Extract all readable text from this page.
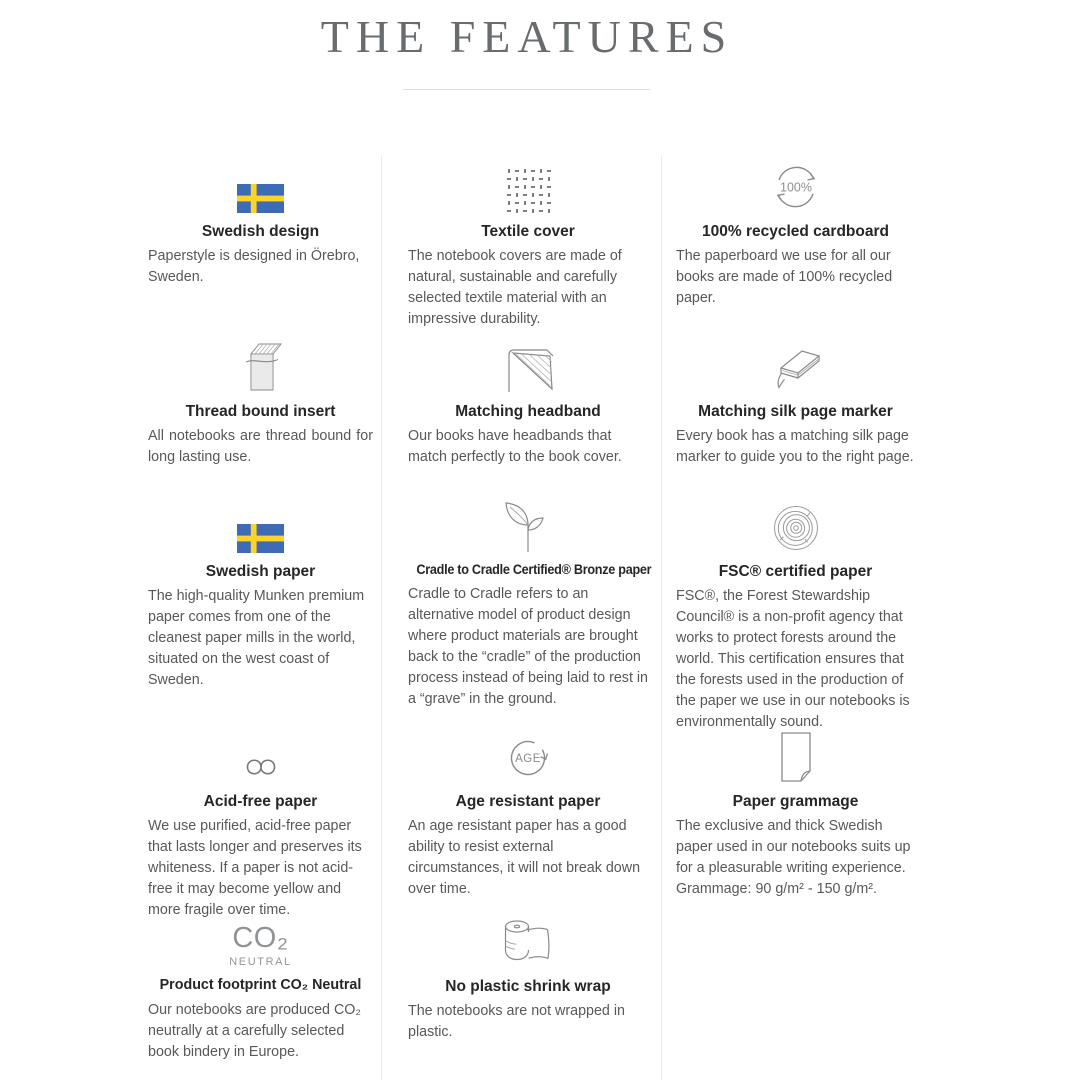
THE FEATURES
Swedish design

Paperstyle is designed in Örebro, Sweden.

Textile cover

The notebook covers are made of natural, sustainable and carefully selected textile material with an impressive durability.

100%
100% recycled cardboard

The paperboard we use for all our books are made of 100% recycled paper.

Thread bound insert

All notebooks are thread bound for long lasting use.

Matching headband

Our books have headbands that match perfectly to the book cover.

Matching silk page marker

Every book has a matching silk page marker to guide you to the right page.

Swedish paper

The high-quality Munken premium paper comes from one of the cleanest paper mills in the world, situated on the west coast of Sweden.

Cradle to Cradle Certified® Bronze paper

Cradle to Cradle refers to an alternative model of product design where product materials are brought back to the “cradle” of the production process instead of being laid to rest in a “grave” in the ground.

FSC® certified paper

FSC®, the Forest Stewardship Council® is a non-profit agency that works to protect forests around the world. This certification ensures that the forests used in the production of the paper we use in our notebooks is environmentally sound.

Acid-free paper

We use purified, acid-free paper that lasts longer and preserves its whiteness. If a paper is not acid-free it may become yellow and more fragile over time.

AGE
Age resistant paper

An age resistant paper has a good ability to resist external circumstances, it will not break down over time.

Paper grammage

The exclusive and thick Swedish paper used in our notebooks suits up for a pleasurable writing experience. Grammage: 90 g/m² - 150 g/m².

CO₂
NEUTRAL
Product footprint CO₂ Neutral

Our notebooks are produced CO₂ neutrally at a carefully selected book bindery in Europe.

No plastic shrink wrap

The notebooks are not wrapped in plastic.
